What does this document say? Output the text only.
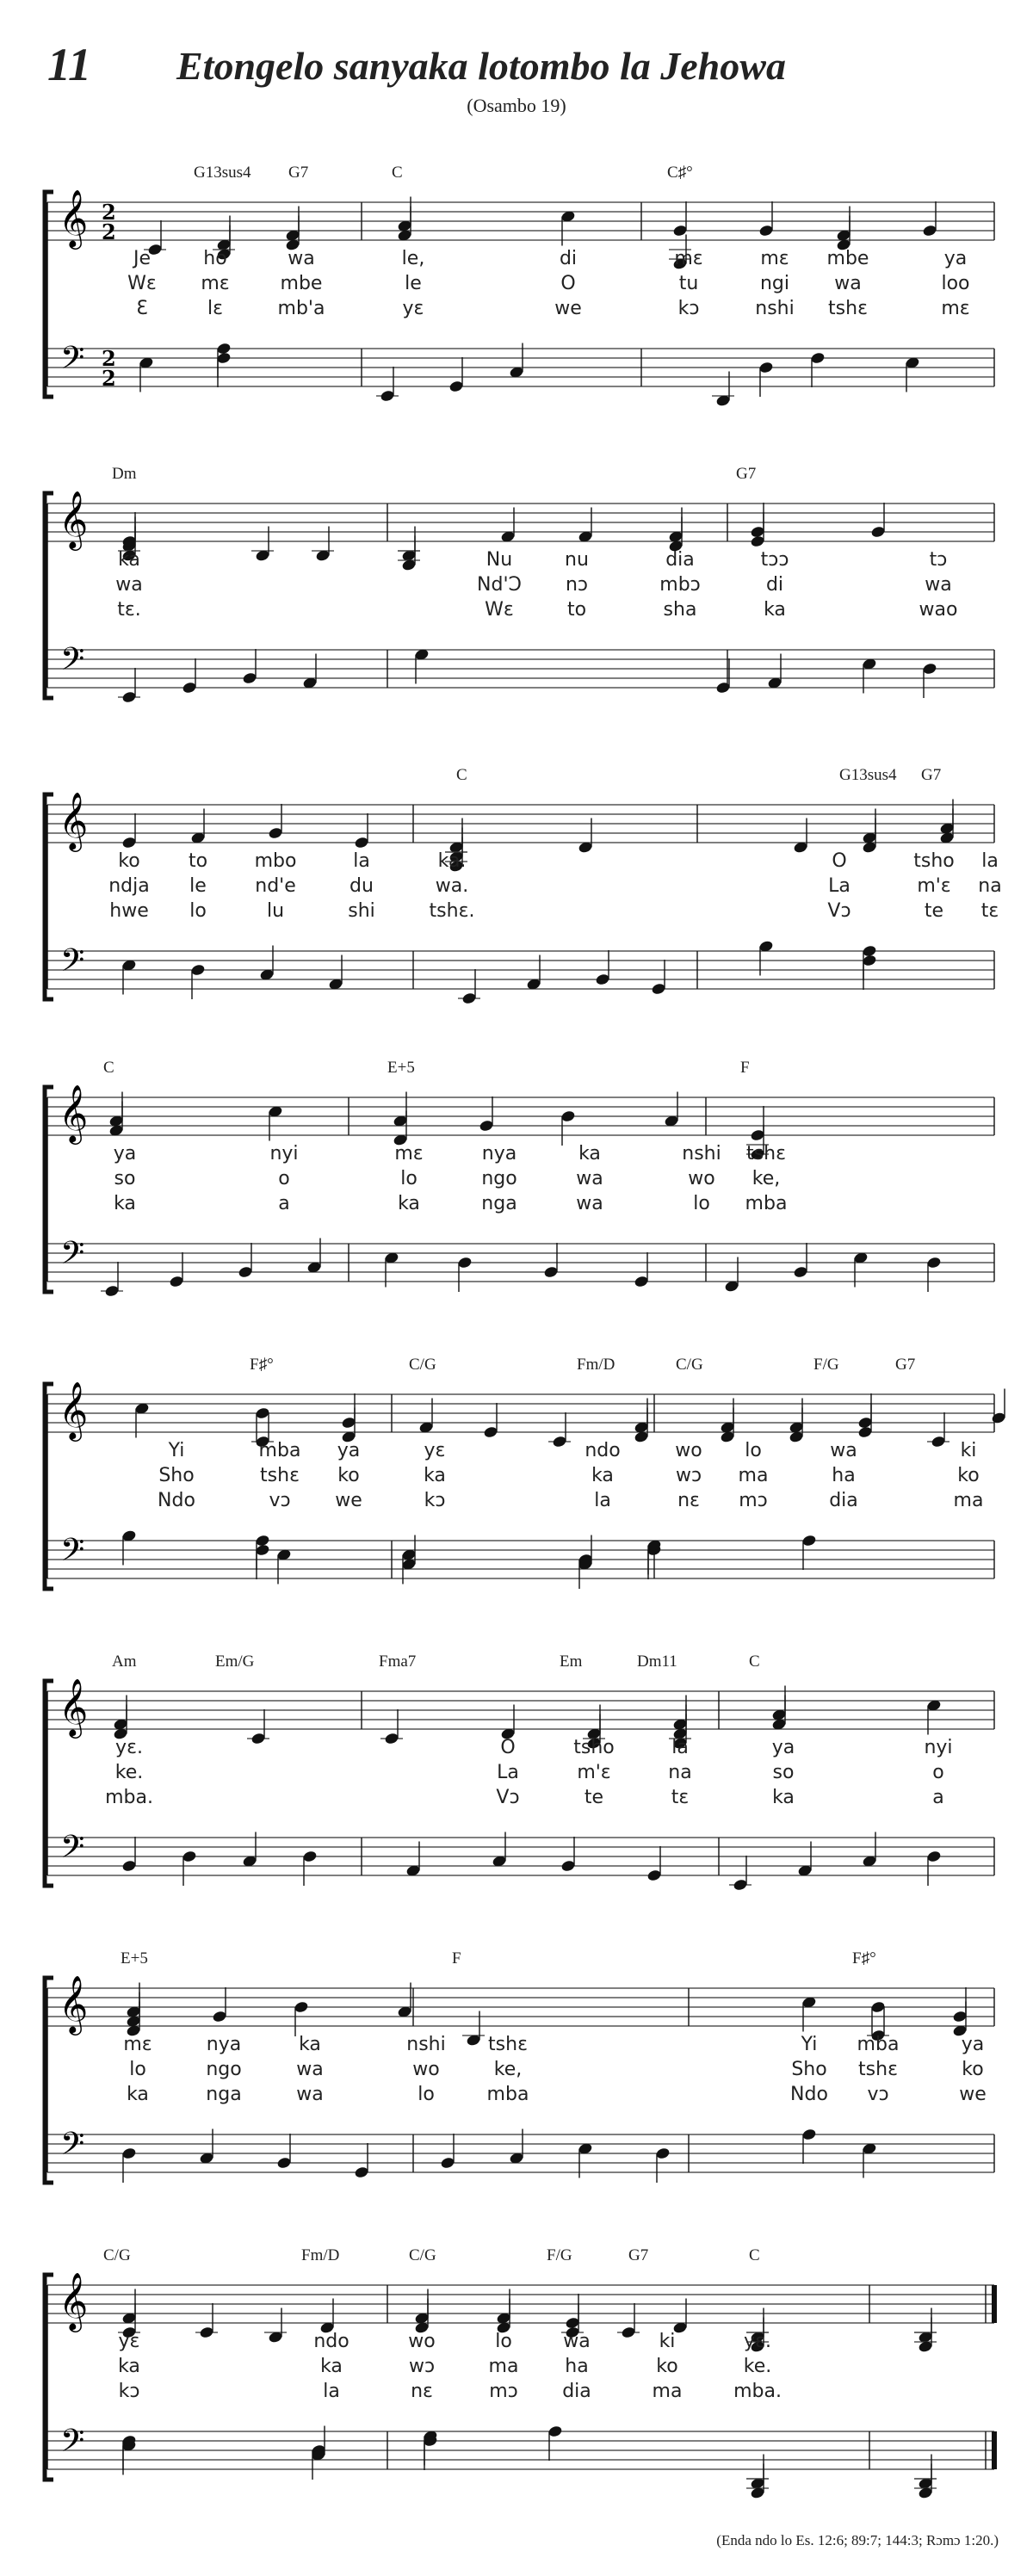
11 Etongelo sanyaka lotombo la Jehowa
(Osambo 19)
𝄞
𝄢
2
2
2
2
G13sus4 G7	C	C♯°
Je	ho	wa	le,	di	mɛ	mɛ mbe	ya
Wɛ mɛ	mbe	le	O	tu	ngi wa	loo
Ɛ	lɛ	mb'a	yɛ	we	kɔ	nshi tshɛ	mɛ
𝄞
𝄢
Dm	G7
ka	Nu	nu	dia	tɔɔ	tɔ
wa	Nd'Ɔ nɔ	mbɔ	di	wa
tɛ.	Wɛ	to	sha	ka	wao
𝄞
𝄢
C	G13sus4 G7
ko	to mbo	la	ka.	O	tsho la
ndja le	nd'e	du	wa.	La	m'ɛ na
hwe lo	lu	shi	tshɛ.	Vɔ	te tɛ
𝄞
𝄢
C	E+5	F
ya	nyi	mɛ	nya	ka	nshi tshɛ
so	o	lo	ngo	wa	wo ke,
ka	a	ka	nga	wa	lo mba
𝄞
𝄢
F♯°	C/G	Fm/D	C/G	F/G	G7
Yi	mba ya	yɛ	ndo	wo lo	wa	ki
Sho	tshɛ ko	ka	ka	wɔ ma	ha	ko
Ndo	vɔ we	kɔ	la	nɛ mɔ	dia	ma
𝄞
𝄢
Am	Em/G	Fma7	Em	Dm11	C
yɛ.	O	tsho	la	ya	nyi
ke.	La	m'ɛ	na	so	o
mba.	Vɔ	te	tɛ	ka	a
𝄞
𝄢
E+5	F	F♯°
mɛ	nya	ka	nshi tshɛ	Yi mba	ya
lo	ngo	wa	wo	ke,	Sho tshɛ	ko
ka	nga	wa	lo	mba	Ndo vɔ	we
𝄞
𝄢
C/G	Fm/D	C/G	F/G	G7	C
yɛ	ndo	wo	lo	wa	ki	yɛ.
ka	ka	wɔ	ma ha	ko	ke.
kɔ	la	nɛ	mɔ dia	ma	mba.
(Enda ndo lo Es. 12:6; 89:7; 144:3; Rɔmɔ 1:20.)
